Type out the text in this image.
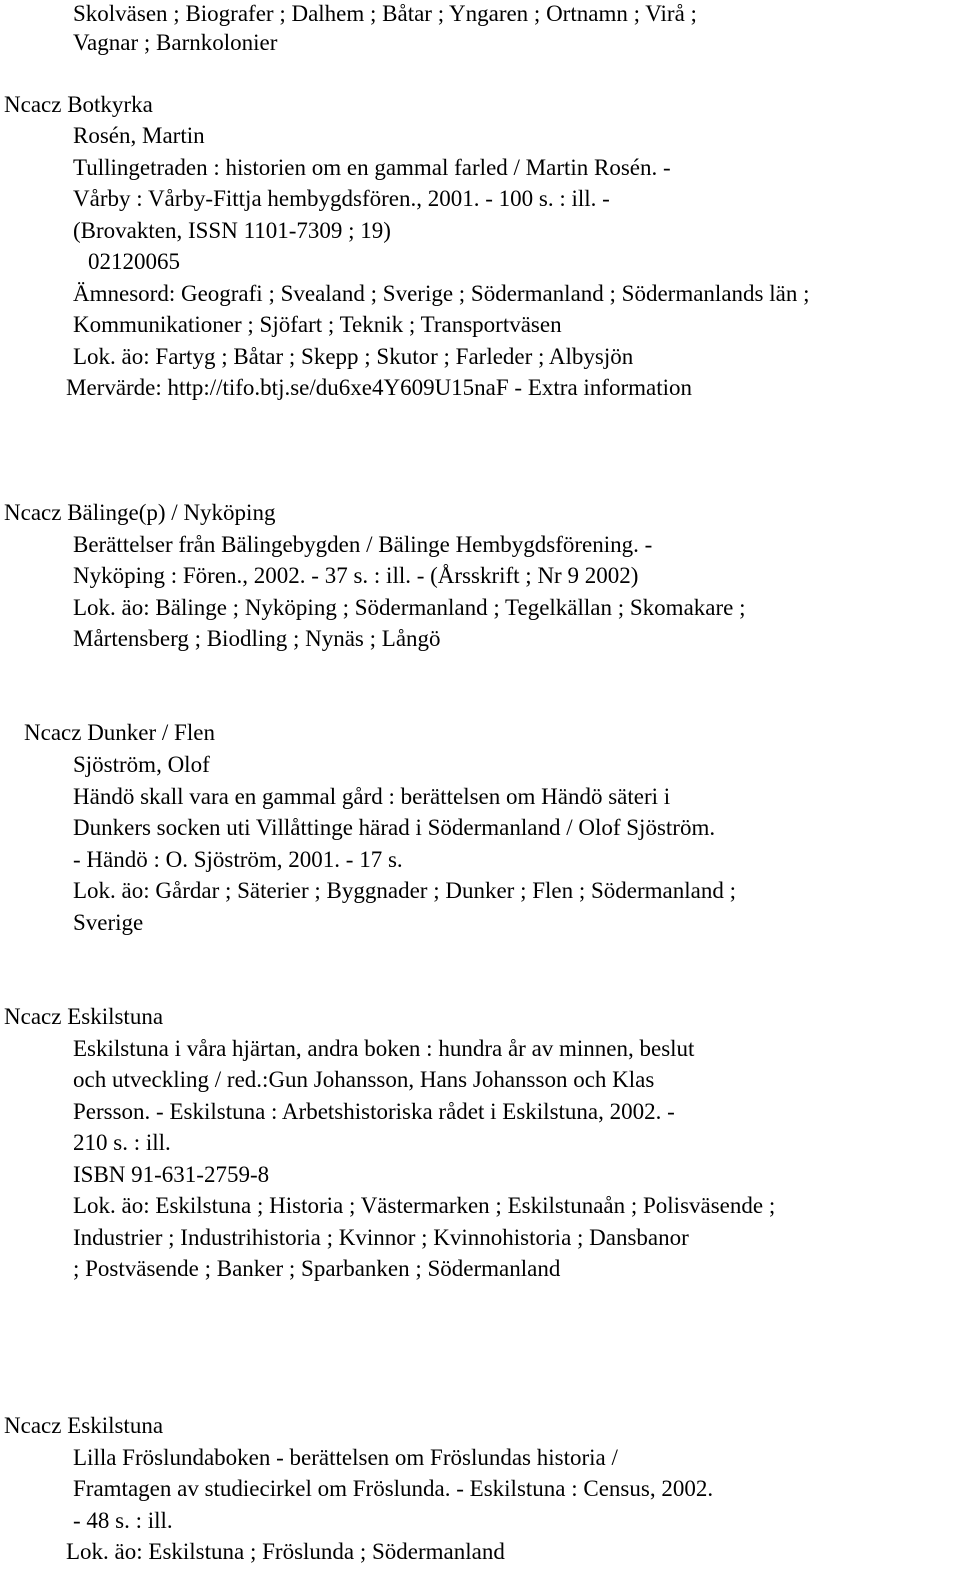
Skolväsen ; Biografer ; Dalhem ; Båtar ; Yngaren ; Ortnamn ; Virå ;
Vagnar ; Barnkolonier
Ncacz Botkyrka
Rosén, Martin
Tullingetraden : historien om en gammal farled / Martin Rosén. -
Vårby : Vårby-Fittja hembygdsfören., 2001. - 100 s. : ill. -
(Brovakten, ISSN 1101-7309 ; 19)
02120065
Ämnesord: Geografi ; Svealand ; Sverige ; Södermanland ; Södermanlands län ;
Kommunikationer ; Sjöfart ; Teknik ; Transportväsen
Lok. äo: Fartyg ; Båtar ; Skepp ; Skutor ; Farleder ; Albysjön
Mervärde: http://tifo.btj.se/du6xe4Y609U15naF - Extra information
Ncacz Bälinge(p) / Nyköping
Berättelser från Bälingebygden / Bälinge Hembygdsförening. -
Nyköping : Fören., 2002. - 37 s. : ill. - (Årsskrift ; Nr 9 2002)
Lok. äo: Bälinge ; Nyköping ; Södermanland ; Tegelkällan ; Skomakare ;
Mårtensberg ; Biodling ; Nynäs ; Långö
Ncacz Dunker / Flen
Sjöström, Olof
Händö skall vara en gammal gård : berättelsen om Händö säteri i
Dunkers socken uti Villåttinge härad i Södermanland / Olof Sjöström.
- Händö : O. Sjöström, 2001. - 17 s.
Lok. äo: Gårdar ; Säterier ; Byggnader ; Dunker ; Flen ; Södermanland ;
Sverige
Ncacz Eskilstuna
Eskilstuna i våra hjärtan, andra boken : hundra år av minnen, beslut
och utveckling / red.:Gun Johansson, Hans Johansson och Klas
Persson. - Eskilstuna : Arbetshistoriska rådet i Eskilstuna, 2002. -
210 s. : ill.
ISBN 91-631-2759-8
Lok. äo: Eskilstuna ; Historia ; Västermarken ; Eskilstunaån ; Polisväsende ;
Industrier ; Industrihistoria ; Kvinnor ; Kvinnohistoria ; Dansbanor
; Postväsende ; Banker ; Sparbanken ; Södermanland
Ncacz Eskilstuna
Lilla Fröslundaboken - berättelsen om Fröslundas historia /
Framtagen av studiecirkel om Fröslunda. - Eskilstuna : Census, 2002.
- 48 s. : ill.
Lok. äo: Eskilstuna ; Fröslunda ; Södermanland
